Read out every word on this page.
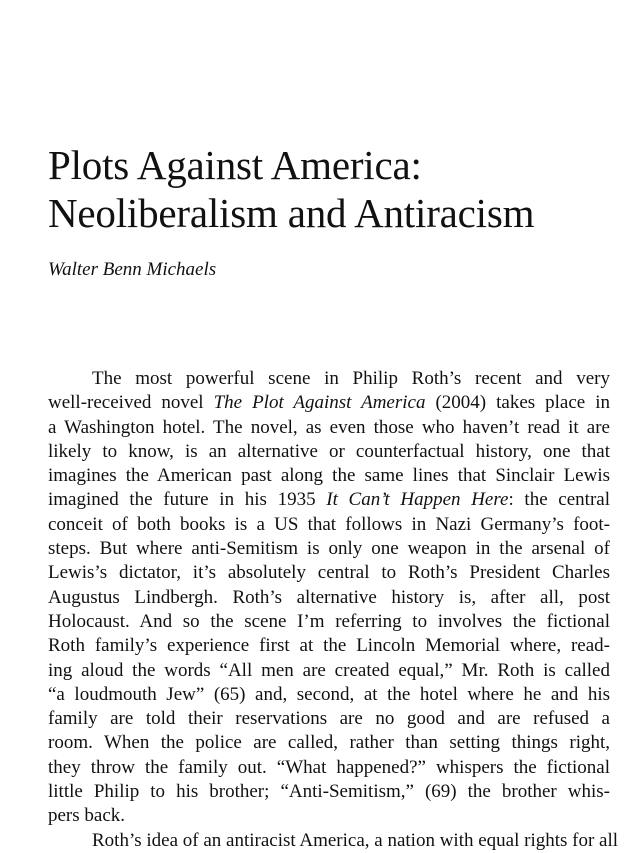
Plots Against America:
Neoliberalism and Antiracism

Walter Benn Michaels

The most powerful scene in Philip Roth’s recent and very
well-received novel The Plot Against America (2004) takes place in
a Washington hotel. The novel, as even those who haven’t read it are
likely to know, is an alternative or counterfactual history, one that
imagines the American past along the same lines that Sinclair Lewis
imagined the future in his 1935 It Can’t Happen Here: the central
conceit of both books is a US that follows in Nazi Germany’s foot-
steps. But where anti-Semitism is only one weapon in the arsenal of
Lewis’s dictator, it’s absolutely central to Roth’s President Charles
Augustus Lindbergh. Roth’s alternative history is, after all, post
Holocaust. And so the scene I’m referring to involves the fictional
Roth family’s experience first at the Lincoln Memorial where, read-
ing aloud the words “All men are created equal,” Mr. Roth is called
“a loudmouth Jew” (65) and, second, at the hotel where he and his
family are told their reservations are no good and are refused a
room. When the police are called, rather than setting things right,
they throw the family out. “What happened?” whispers the fictional
little Philip to his brother; “Anti-Semitism,” (69) the brother whis-
pers back.
Roth’s idea of an antiracist America, a nation with equal rights for all
